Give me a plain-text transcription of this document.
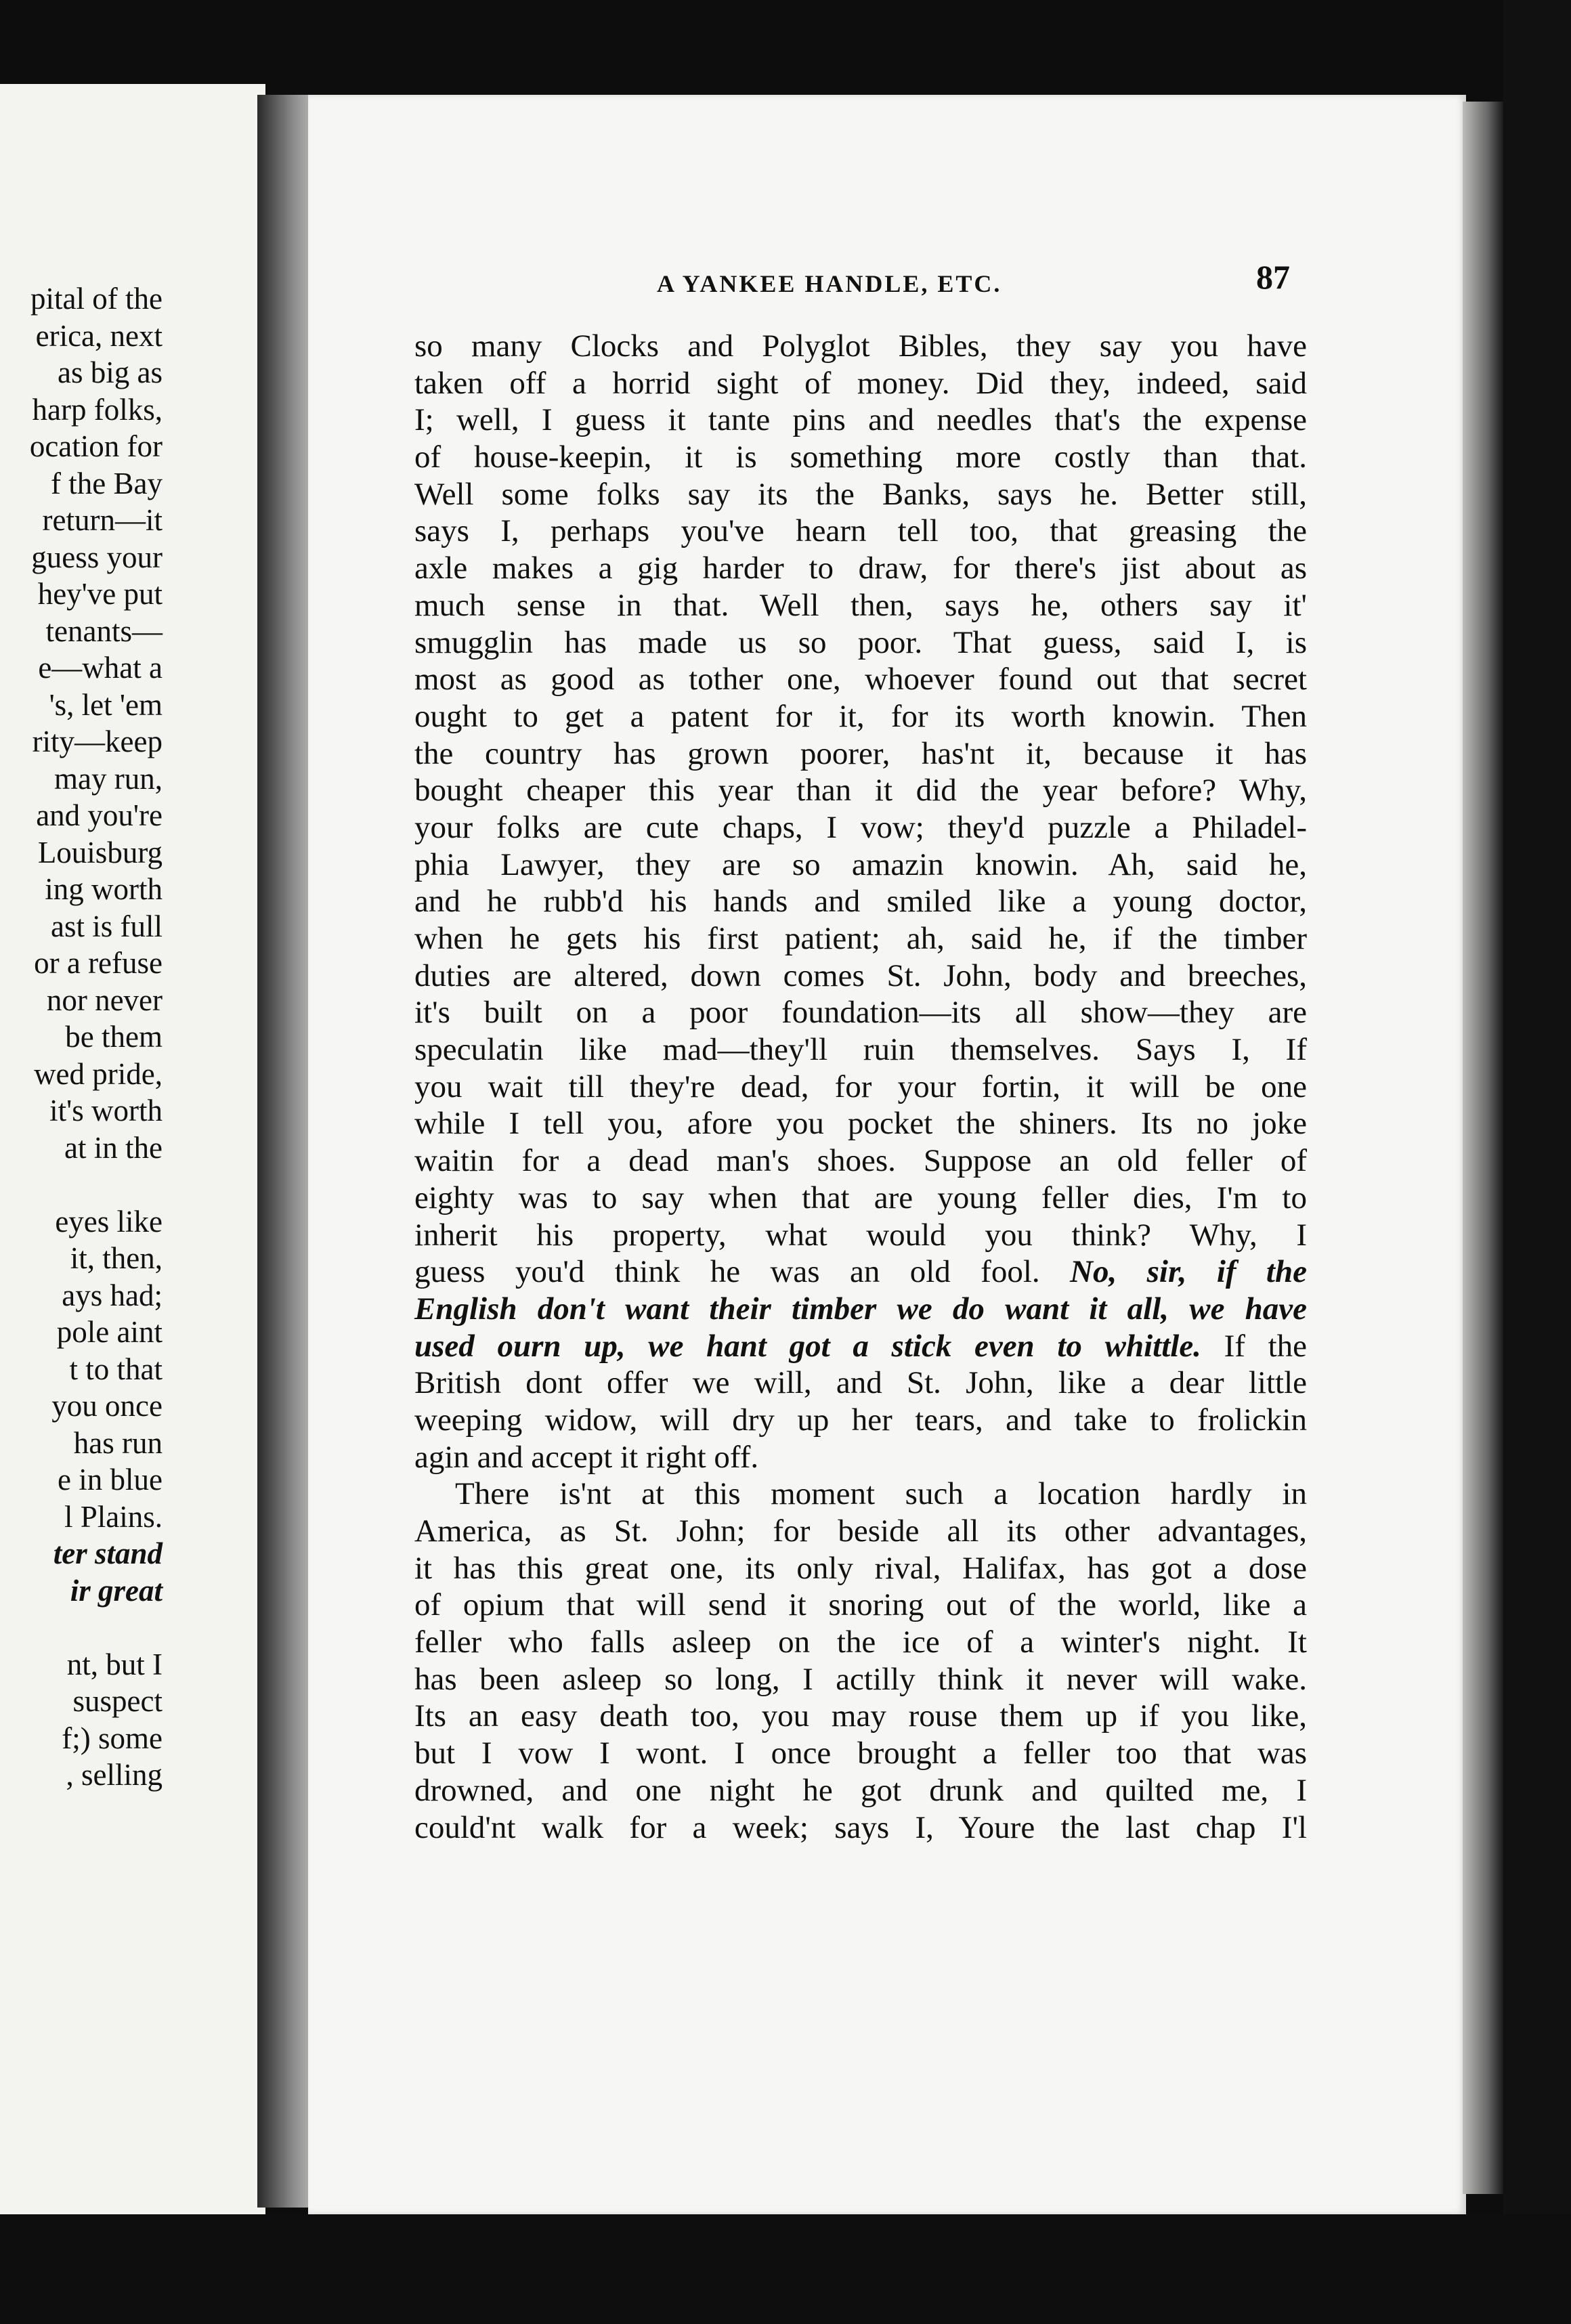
pital of the
erica, next
as big as
harp folks,
ocation for
f the Bay
return—it
guess your
hey've put
tenants—
e—what a
's, let 'em
rity—keep
may run,
and you're
Louisburg
ing worth
ast is full
or a refuse
nor never
be them
wed pride,
it's worth
at in the
eyes like
it, then,
ays had;
pole aint
t to that
you once
has run
e in blue
l Plains.
ter stand
ir great
nt, but I
suspect
f;) some
, selling
A YANKEE HANDLE, ETC.	87
so many Clocks and Polyglot Bibles, they say you have
taken off a horrid sight of money. Did they, indeed, said
I; well, I guess it tante pins and needles that's the expense
of house-keepin, it is something more costly than that.
Well some folks say its the Banks, says he. Better still,
says I, perhaps you've hearn tell too, that greasing the
axle makes a gig harder to draw, for there's jist about as
much sense in that. Well then, says he, others say it'
smugglin has made us so poor. That guess, said I, is
most as good as tother one, whoever found out that secret
ought to get a patent for it, for its worth knowin. Then
the country has grown poorer, has'nt it, because it has
bought cheaper this year than it did the year before? Why,
your folks are cute chaps, I vow; they'd puzzle a Philadel-
phia Lawyer, they are so amazin knowin. Ah, said he,
and he rubb'd his hands and smiled like a young doctor,
when he gets his first patient; ah, said he, if the timber
duties are altered, down comes St. John, body and breeches,
it's built on a poor foundation—its all show—they are
speculatin like mad—they'll ruin themselves. Says I, If
you wait till they're dead, for your fortin, it will be one
while I tell you, afore you pocket the shiners. Its no joke
waitin for a dead man's shoes. Suppose an old feller of
eighty was to say when that are young feller dies, I'm to
inherit his property, what would you think? Why, I
guess you'd think he was an old fool. No, sir, if the
English don't want their timber we do want it all, we have
used ourn up, we hant got a stick even to whittle. If the
British dont offer we will, and St. John, like a dear little
weeping widow, will dry up her tears, and take to frolickin
agin and accept it right off.
There is'nt at this moment such a location hardly in
America, as St. John; for beside all its other advantages,
it has this great one, its only rival, Halifax, has got a dose
of opium that will send it snoring out of the world, like a
feller who falls asleep on the ice of a winter's night. It
has been asleep so long, I actilly think it never will wake.
Its an easy death too, you may rouse them up if you like,
but I vow I wont. I once brought a feller too that was
drowned, and one night he got drunk and quilted me, I
could'nt walk for a week; says I, Youre the last chap I'l
